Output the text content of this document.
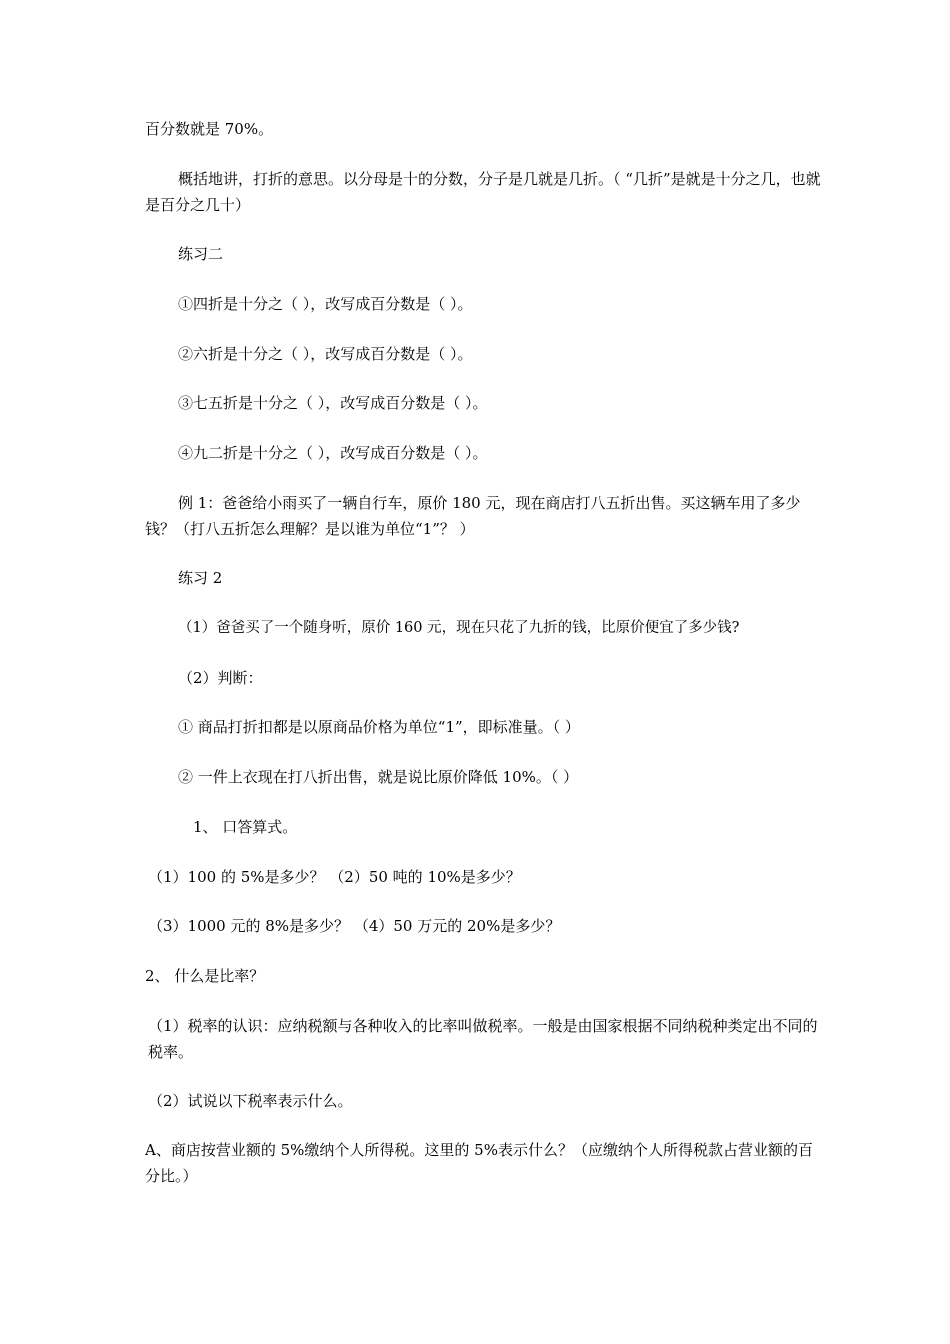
百分数就是 70%。

概括地讲，打折的意思。以分母是十的分数，分子是几就是几折。（ “几折”是就是十分之几，也就是百分之几十）

练习二

①四折是十分之（ ），改写成百分数是（ ）。

②六折是十分之（ ），改写成百分数是（ ）。

③七五折是十分之（ ），改写成百分数是（ ）。

④九二折是十分之（ ），改写成百分数是（ ）。

例 1：爸爸给小雨买了一辆自行车，原价 180 元，现在商店打八五折出售。买这辆车用了多少钱？（打八五折怎么理解？是以谁为单位“1”？ ）

练习 2

（1）爸爸买了一个随身听，原价 160 元，现在只花了九折的钱，比原价便宜了多少钱?

（2）判断：

① 商品打折扣都是以原商品价格为单位“1”，即标准量。（ ）

② 一件上衣现在打八折出售，就是说比原价降低 10%。（ ）

1、 口答算式。

（1）100 的 5%是多少？ （2）50 吨的 10%是多少？

（3）1000 元的 8%是多少？ （4）50 万元的 20%是多少？

2、 什么是比率？

（1）税率的认识：应纳税额与各种收入的比率叫做税率。一般是由国家根据不同纳税种类定出不同的税率。

（2）试说以下税率表示什么。

A、商店按营业额的 5%缴纳个人所得税。这里的 5%表示什么？（应缴纳个人所得税款占营业额的百分比。）
